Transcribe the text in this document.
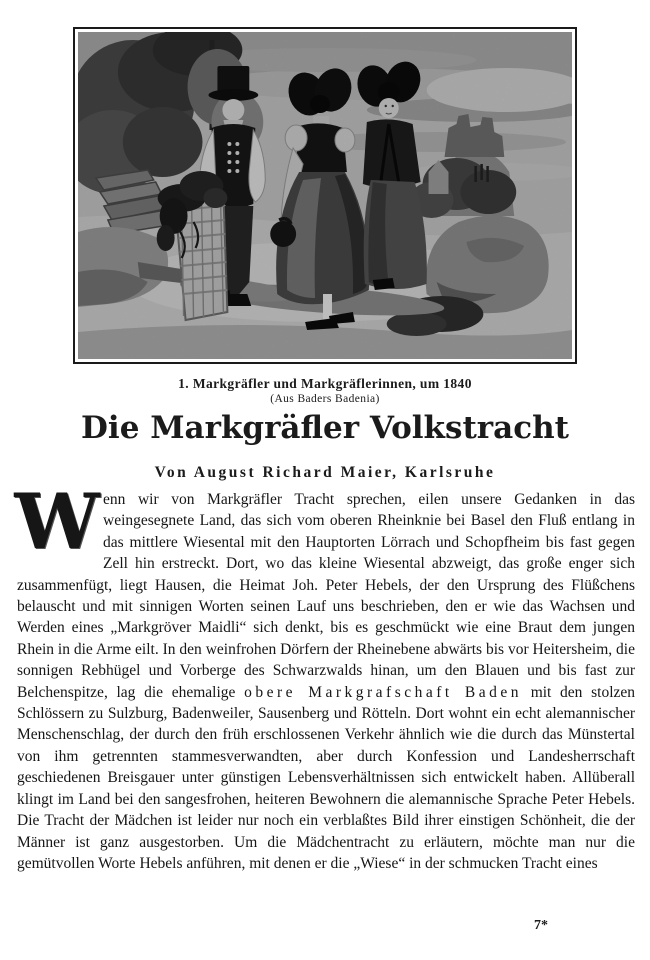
1. Markgräfler und Markgräflerinnen, um 1840
(Aus Baders Badenia)
Die Markgräfler Volkstracht
Von August Richard Maier, Karlsruhe
Wenn wir von Markgräfler Tracht sprechen, eilen unsere Gedanken in das weingesegnete Land, das sich vom oberen Rheinknie bei Basel den Fluß entlang in das mittlere Wiesental mit den Hauptorten Lörrach und Schopfheim bis fast gegen Zell hin erstreckt. Dort, wo das kleine Wiesental abzweigt, das große enger sich zusammenfügt, liegt Hausen, die Heimat Joh. Peter Hebels, der den Ursprung des Flüßchens belauscht und mit sinnigen Worten seinen Lauf uns beschrieben, den er wie das Wachsen und Werden eines „Markgröver Maidli“ sich denkt, bis es geschmückt wie eine Braut dem jungen Rhein in die Arme eilt. In den weinfrohen Dörfern der Rheinebene abwärts bis vor Heitersheim, die sonnigen Rebhügel und Vorberge des Schwarzwalds hinan, um den Blauen und bis fast zur Belchenspitze, lag die ehemalige obere Markgrafschaft Baden mit den stolzen Schlössern zu Sulzburg, Badenweiler, Sausenberg und Rötteln. Dort wohnt ein echt alemannischer Menschenschlag, der durch den früh erschlossenen Verkehr ähnlich wie die durch das Münstertal von ihm getrennten stammesverwandten, aber durch Konfession und Landesherrschaft geschiedenen Breisgauer unter günstigen Lebensverhältnissen sich entwickelt haben. Allüberall klingt im Land bei den sangesfrohen, heiteren Bewohnern die alemannische Sprache Peter Hebels. Die Tracht der Mädchen ist leider nur noch ein verblaßtes Bild ihrer einstigen Schönheit, die der Männer ist ganz ausgestorben. Um die Mädchentracht zu erläutern, möchte man nur die gemütvollen Worte Hebels anführen, mit denen er die „Wiese“ in der schmucken Tracht eines
7*
